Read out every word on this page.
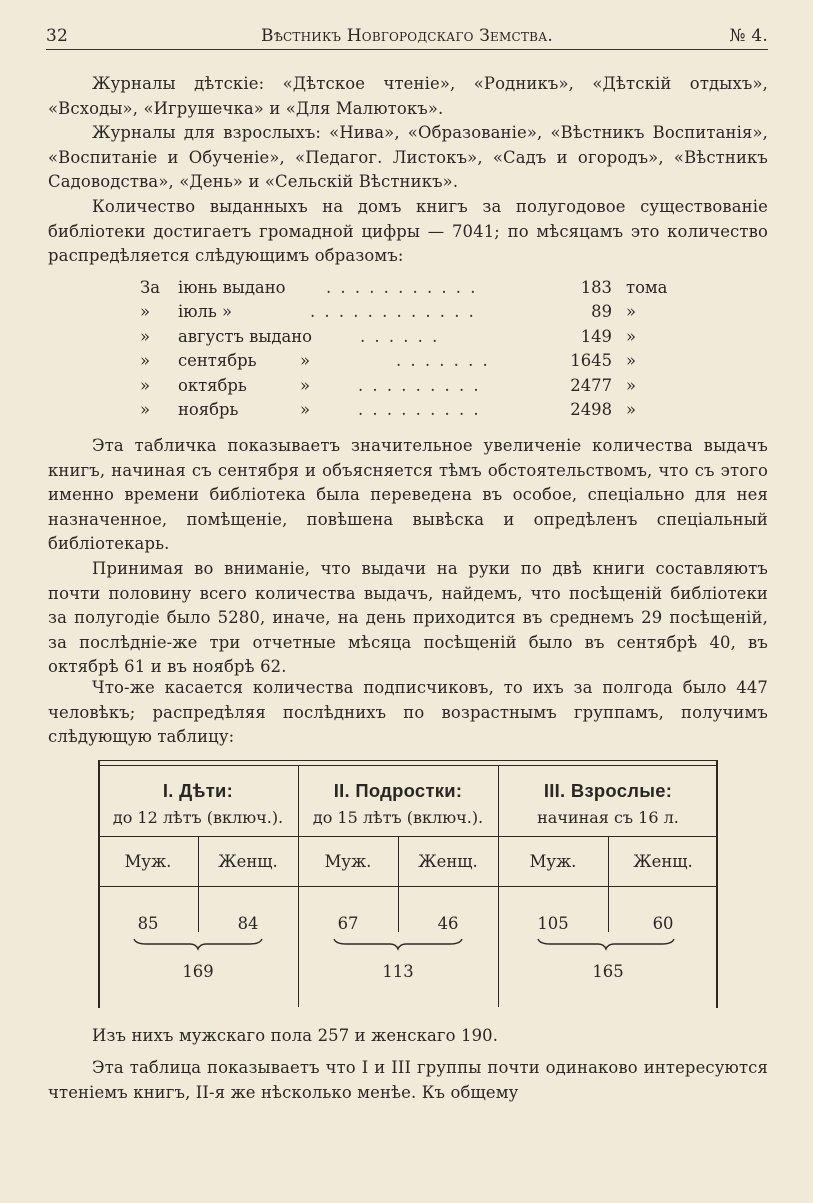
32	Вѣстникъ Новгородскаго Земства.	№ 4.
Журналы дѣтскіе: «Дѣтское чтеніе», «Родникъ», «Дѣтскій отдыхъ», «Всходы», «Игрушечка» и «Для Малютокъ».
Журналы для взрослыхъ: «Нива», «Образованіе», «Вѣстникъ Воспитанія», «Воспитаніе и Обученіе», «Педагог. Листокъ», «Садъ и огородъ», «Вѣстникъ Садоводства», «День» и «Сельскій Вѣстникъ».
Количество выданныхъ на домъ книгъ за полугодовое существованіе библіотеки достигаетъ громадной цифры — 7041; по мѣсяцамъ это количество распредѣляется слѣдующимъ образомъ:
За	іюнь выдано . . . . . . . . . . .	183 тома
»	іюль »	. . . . . . . . . . . .	89 »
»	августъ выдано	. . . . . .	149 »
»	сентябрь	»	. . . . . . .	1645 »
»	октябрь	»	. . . . . . . . .	2477 »
»	ноябрь	»	. . . . . . . . .	2498 »
Эта табличка показываетъ значительное увеличеніе количества выдачъ книгъ, начиная съ сентября и объясняется тѣмъ обстоятельствомъ, что съ этого именно времени библіотека была переведена въ особое, спеціально для нея назначенное, помѣщеніе, повѣшена вывѣска и опредѣленъ спеціальный библіотекарь.
Принимая во вниманіе, что выдачи на руки по двѣ книги составляютъ почти половину всего количества выдачъ, найдемъ, что посѣщеній библіотеки за полугодіе было 5280, иначе, на день приходится въ среднемъ 29 посѣщеній, за послѣдніе-же три отчетные мѣсяца посѣщеній было въ сентябрѣ 40, въ октябрѣ 61 и въ ноябрѣ 62.
Что-же касается количества подписчиковъ, то ихъ за полгода было 447 человѣкъ; распредѣляя послѣднихъ по возрастнымъ группамъ, получимъ слѣдующую таблицу:
I. Дѣти:
до 12 лѣтъ (включ.).
II. Подростки:
до 15 лѣтъ (включ.).
III. Взрослые:
начиная съ 16 л.
Муж.	Женщ.	Муж.	Женщ.	Муж.	Женщ.
85	84	67	46	105	60
169	113	165
Изъ нихъ мужскаго пола 257 и женскаго 190.
Эта таблица показываетъ что I и III группы почти одинаково интересуются чтеніемъ книгъ, II-я же нѣсколько менѣе. Къ общему
